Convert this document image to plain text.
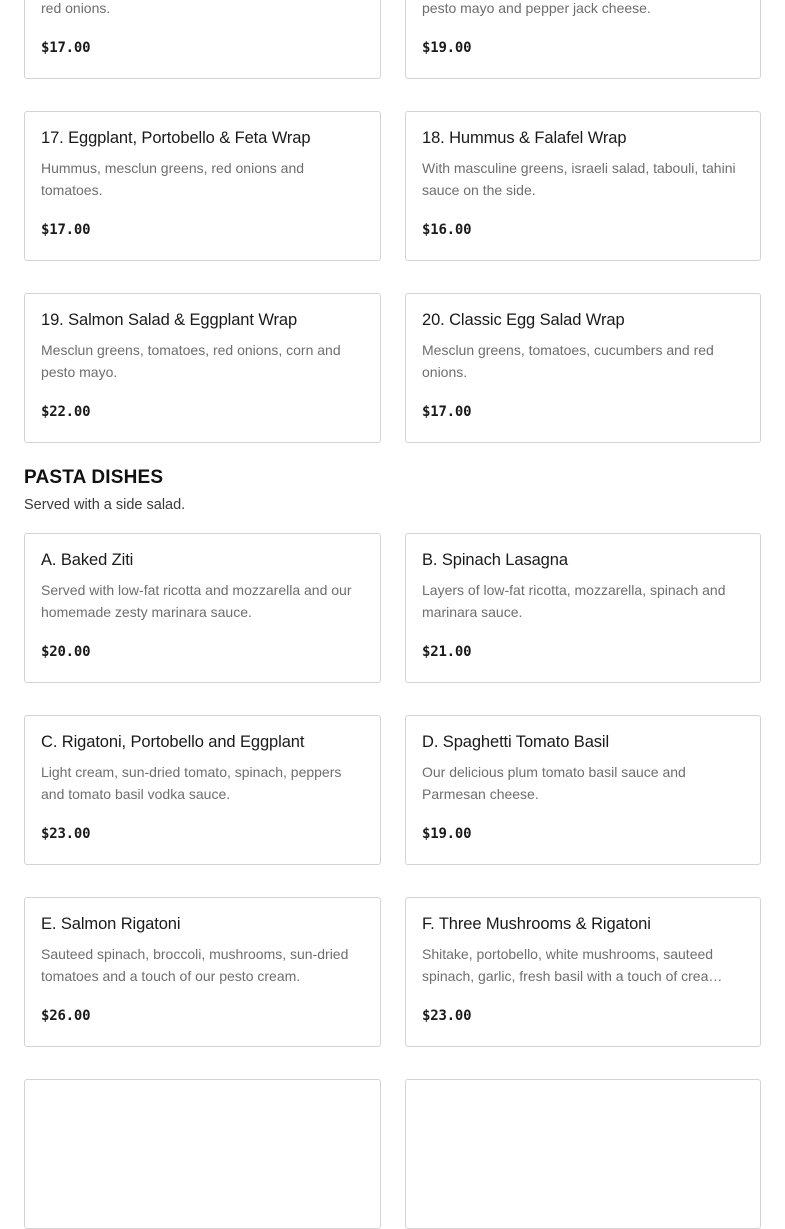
red onions.
$17.00
pesto mayo and pepper jack cheese.
$19.00
17. Eggplant, Portobello & Feta Wrap
Hummus, mesclun greens, red onions and tomatoes.
$17.00
18. Hummus & Falafel Wrap
With masculine greens, israeli salad, tabouli, tahini sauce on the side.
$16.00
19. Salmon Salad & Eggplant Wrap
Mesclun greens, tomatoes, red onions, corn and pesto mayo.
$22.00
20. Classic Egg Salad Wrap
Mesclun greens, tomatoes, cucumbers and red onions.
$17.00
PASTA DISHES
Served with a side salad.
A. Baked Ziti
Served with low-fat ricotta and mozzarella and our homemade zesty marinara sauce.
$20.00
B. Spinach Lasagna
Layers of low-fat ricotta, mozzarella, spinach and marinara sauce.
$21.00
C. Rigatoni, Portobello and Eggplant
Light cream, sun-dried tomato, spinach, peppers and tomato basil vodka sauce.
$23.00
D. Spaghetti Tomato Basil
Our delicious plum tomato basil sauce and Parmesan cheese.
$19.00
E. Salmon Rigatoni
Sauteed spinach, broccoli, mushrooms, sun-dried tomatoes and a touch of our pesto cream.
$26.00
F. Three Mushrooms & Rigatoni
Shitake, portobello, white mushrooms, sauteed spinach, garlic, fresh basil with a touch of crea…
$23.00
